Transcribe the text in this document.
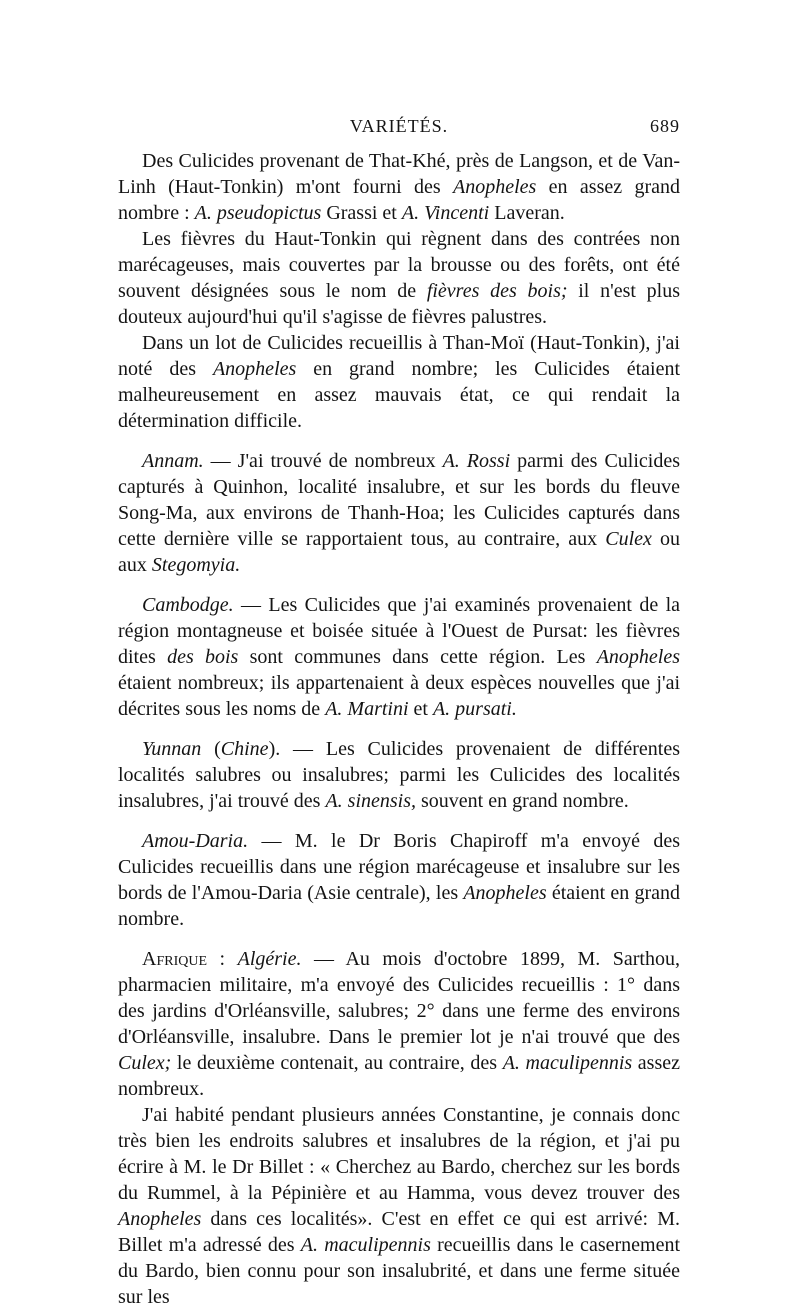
VARIÉTÉS.	689

Des Culicides provenant de That-Khé, près de Langson, et de Van-Linh (Haut-Tonkin) m'ont fourni des Anopheles en assez grand nombre : A. pseudopictus Grassi et A. Vincenti Laveran.

Les fièvres du Haut-Tonkin qui règnent dans des contrées non marécageuses, mais couvertes par la brousse ou des forêts, ont été souvent désignées sous le nom de fièvres des bois; il n'est plus douteux aujourd'hui qu'il s'agisse de fièvres palustres.

Dans un lot de Culicides recueillis à Than-Moï (Haut-Tonkin), j'ai noté des Anopheles en grand nombre; les Culicides étaient malheureusement en assez mauvais état, ce qui rendait la détermination difficile.

Annam. — J'ai trouvé de nombreux A. Rossi parmi des Culicides capturés à Quinhon, localité insalubre, et sur les bords du fleuve Song-Ma, aux environs de Thanh-Hoa; les Culicides capturés dans cette dernière ville se rapportaient tous, au contraire, aux Culex ou aux Stegomyia.

Cambodge. — Les Culicides que j'ai examinés provenaient de la région montagneuse et boisée située à l'Ouest de Pursat: les fièvres dites des bois sont communes dans cette région. Les Anopheles étaient nombreux; ils appartenaient à deux espèces nouvelles que j'ai décrites sous les noms de A. Martini et A. pursati.

Yunnan (Chine). — Les Culicides provenaient de différentes localités salubres ou insalubres; parmi les Culicides des localités insalubres, j'ai trouvé des A. sinensis, souvent en grand nombre.

Amou-Daria. — M. le Dr Boris Chapiroff m'a envoyé des Culicides recueillis dans une région marécageuse et insalubre sur les bords de l'Amou-Daria (Asie centrale), les Anopheles étaient en grand nombre.

Afrique : Algérie. — Au mois d'octobre 1899, M. Sarthou, pharmacien militaire, m'a envoyé des Culicides recueillis : 1° dans des jardins d'Orléansville, salubres; 2° dans une ferme des environs d'Orléansville, insalubre. Dans le premier lot je n'ai trouvé que des Culex; le deuxième contenait, au contraire, des A. maculipennis assez nombreux.

J'ai habité pendant plusieurs années Constantine, je connais donc très bien les endroits salubres et insalubres de la région, et j'ai pu écrire à M. le Dr Billet : « Cherchez au Bardo, cherchez sur les bords du Rummel, à la Pépinière et au Hamma, vous devez trouver des Anopheles dans ces localités». C'est en effet ce qui est arrivé: M. Billet m'a adressé des A. maculipennis recueillis dans le casernement du Bardo, bien connu pour son insalubrité, et dans une ferme située sur les
